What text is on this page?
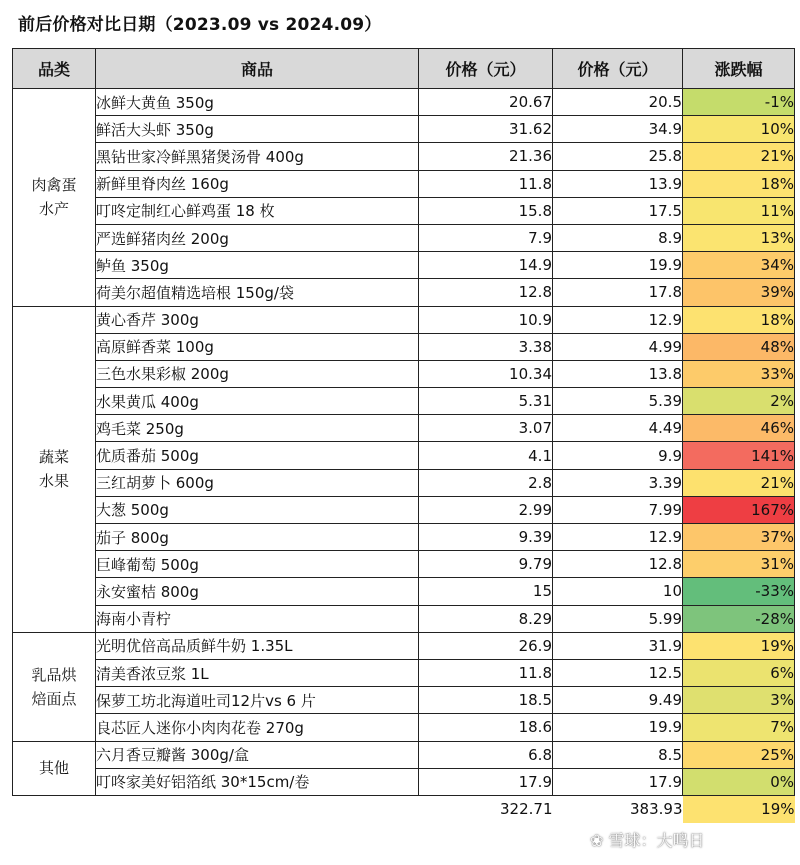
前后价格对比日期（2023.09 vs 2024.09）
品类	商品	价格（元）	价格（元）	涨跌幅

肉禽蛋
水产	冰鲜大黄鱼 350g	20.67	20.5	-1%
	鲜活大头虾 350g	31.62	34.9	10%
	黑钻世家冷鲜黑猪煲汤骨 400g	21.36	25.8	21%
	新鲜里脊肉丝 160g	11.8	13.9	18%
	叮咚定制红心鲜鸡蛋 18 枚	15.8	17.5	11%
	严选鲜猪肉丝 200g	7.9	8.9	13%
	鲈鱼 350g	14.9	19.9	34%
	荷美尔超值精选培根 150g/袋	12.8	17.8	39%

蔬菜
水果	黄心香芹 300g	10.9	12.9	18%
	高原鲜香菜 100g	3.38	4.99	48%
	三色水果彩椒 200g	10.34	13.8	33%
	水果黄瓜 400g	5.31	5.39	2%
	鸡毛菜 250g	3.07	4.49	46%
	优质番茄 500g	4.1	9.9	141%
	三红胡萝卜 600g	2.8	3.39	21%
	大葱 500g	2.99	7.99	167%
	茄子 800g	9.39	12.9	37%
	巨峰葡萄 500g	9.79	12.8	31%
	永安蜜桔 800g	15	10	-33%
	海南小青柠	8.29	5.99	-28%

乳品烘
焙面点	光明优倍高品质鲜牛奶 1.35L	26.9	31.9	19%
	清美香浓豆浆 1L	11.8	12.5	6%
	保萝工坊北海道吐司12片vs 6 片	18.5	9.49	3%
	良芯匠人迷你小肉肉花卷 270g	18.6	19.9	7%

其他	六月香豆瓣酱 300g/盒	6.8	8.5	25%
	叮咚家美好铝箔纸 30*15cm/卷	17.9	17.9	0%
		322.71	383.93	19%
❀ 雪球：大鸣日
